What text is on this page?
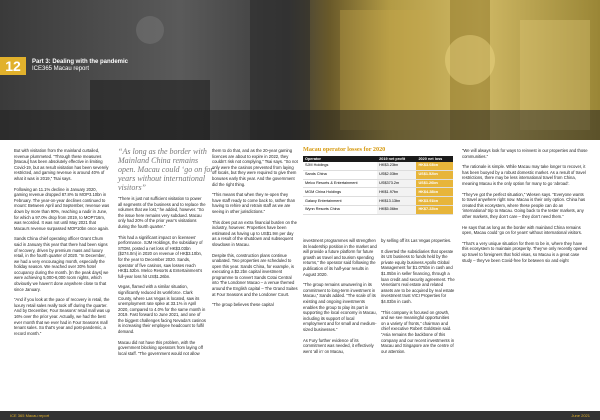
12	Part 3: Dealing with the pandemic
ICE365 Macau report

But with visitation from the mainland curtailed, revenue plummeted. “Through these measures [Macau] has been absolutely effective in limiting Covid-19, but as result visitation has been severely restricted, and gaming revenue is around 40% of what it was in 2019,” Tsai says.

Following an 11.1% decline in January 2020, gaming revenue dropped 87.8% to MOP3.10bn in February. The year-on-year declines continued to mount: Between April and September, revenue was down by more than 90%, reaching a nadir in June, for which a 97.0% drop from 2019, to MOP716m, was recorded. It was not until May 2021 that Macau’s revenue surpassed MOP10bn once again.

Sands China chief operating officer Grant Chum said in January this year that there had been signs of recovery, driven by premium mass and luxury retail, in the fourth quarter of 2020. “In December, we had a very encouraging month, especially the holiday season. We reached over 30% hotel occupancy during the month. [In the peak days] we were achieving 5,000-6,000 room nights, which obviously we haven’t done anywhere close to that since January.

“And if you look at the pace of recovery in retail, the luxury retail sales really took off during the quarter. And by December, Four Seasons’ retail mall was up 16% over the prior year. Actually, we had the best ever month that we ever had in Four Seasons mall tenant sales. So that’s year and post-pandemic, a record month.”

“As long as the border with Mainland China remains open. Macau could ‘go on for years without international visitors”

“There is just not sufficient visitation to power all segments of the business and to replace the volumes that we lost,” he added, however. “So the issue here remains very subdued. Macau only had 20% of the prior year’s visitations during the fourth quarter.”

This had a significant impact on licensees’ performance. SJM Holdings, the subsidiary of STDM, posted a net loss of HK$3.03bn ($274.0m) in 2020 on revenue of HK$3.10bn, for the year to December 2020. Sands, operator of five casinos, saw losses reach HK$1.52bn. Melco Resorts & Entertainment’s full-year loss hit US$1.26bn.

Vegas, flamed with a similar situation, significantly reduced its workforce. Clark County, where Las Vegas is located, saw its unemployment rate spike at 33.1% in April 2020, compared to 4.0% for the same month in 2019. Fast forward to June 2021, and one of the biggest challenges facing Nevada’s casinos is increasing their employee headcount to fulfil demand.

Macau did not have this problem, with the government blocking operators from laying off local staff. “The government would not allow

them to do that, and as the 20-year gaming licences are about to expire in 2022, they couldn’t risk not complying,” Tsai says. “So not only were the casinos prevented from laying off locals, but they were required to give them bonuses early this year. And the government did the right thing.

“This means that when they re-open they have staff ready to come back to, rather than having to rehire and retrain staff as we are seeing in other jurisdictions.”

This does put an extra financial burden on the industry, however. Properties have been estimated as having up to US$1.9m per day as a result of the shutdown and subsequent slowdown in Macau.

Despite this, construction plans continue unabated. Two properties are scheduled to open this year. Sands China, for example, is executing a $2.2bn capital investment programme to convert Sands Cotai Central into The Londoner Macao – a venue themed around the English capital – The Grand Suites at Four Seasons and the Londoner Court.

“The group believes these capital

Macau operator losses for 2020
Operator	2019 net profit	2020 net loss
SJM Holdings	HK$3.23bn	HK$3.03bn
Sands China	US$2.03bn	US$1.52bn
Melco Resorts & Entertainment	US$373.2m	US$1.26bn
MGM China Holdings	HK$1.97bn	HK$4.28bn
Galaxy Entertainment	HK$13.13bn	HK$3.91bn
Wynn Resorts China	HK$5.06bn	HK$7.22bn

investment programmes will strengthen its leadership position in the market and will provide a future platform for future growth as travel and tourism spending returns,” the operator said following the publication of its half-year results in August 2020.

“The group remains unwavering in its commitment to long-term investment in Macau,” Sands added. “The scale of its existing and ongoing investments enables the group to play its part in supporting the local economy in Macau, including its support of local employment and for small and medium-sized businesses.”

As Fury further evidence of its commitment was needed, it effectively went ‘all in’ on Macau,

by selling off its Las Vegas properties.

It diverted the subsidiaries that operate its US business to funds held by the private equity business Apollo Global Management for $1.075bn in cash and $1.05bn in seller financing, through a loan credit and security agreement. The Venetian’s real estate and related assets are to be acquired by real estate investment trust VICI Properties for $4.03bn in cash.

“This company is focused on growth, and we see meaningful opportunities on a variety of fronts,” chairman and chief executive Robert Goldstein said. “Asia remains the backbone of this company and our recent investments in Macau and Singapore are the centre of our attention.

“We will always look for ways to reinvest in our properties and those communities.”

The rationale is simple. While Macau may take longer to recover, it has been buoyed by a robust domestic market. As a result of travel restrictions, there may be less international travel from China, meaning Macau is the only option for many to go ‘abroad’.

“They’ve got the perfect situation,” Wiesen says. “Everyone wants to travel anywhere right now. Macau is their only option. China has created this ecosystem, where these people can do an ‘international’ trip to Macau. Going back to the tester markets, any other markets, they don’t care – they don’t need them.”

He says that as long as the border with mainland China remains open, Macau could ‘go on for years’ without international visitors.

“That’s a very unique situation for them to be in, where they have this ecosystem to maintain prosperity. They’ve only recently opened up travel to foreigners that hold visas, so Macau is a great case study – they’ve been Covid-free for between six and eight

ICE 365 Macau report	June 2021
